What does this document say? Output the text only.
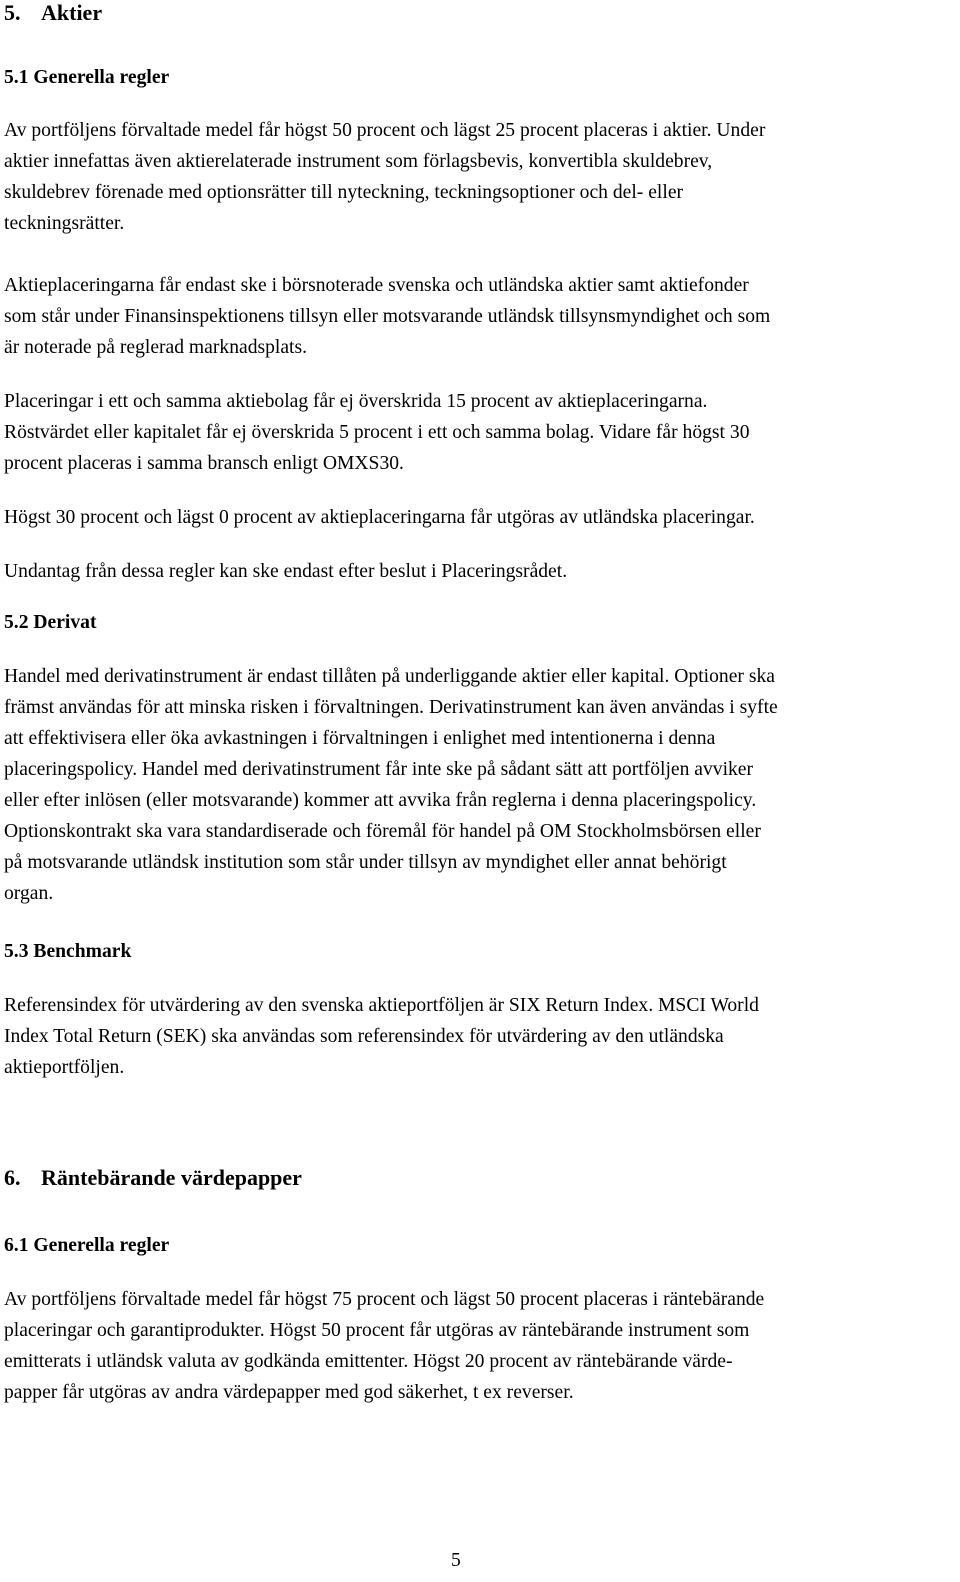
5. Aktier
5.1 Generella regler
Av portföljens förvaltade medel får högst 50 procent och lägst 25 procent placeras i aktier. Under
aktier innefattas även aktierelaterade instrument som förlagsbevis, konvertibla skuldebrev,
skuldebrev förenade med optionsrätter till nyteckning, teckningsoptioner och del- eller
teckningsrätter.
Aktieplaceringarna får endast ske i börsnoterade svenska och utländska aktier samt aktiefonder
som står under Finansinspektionens tillsyn eller motsvarande utländsk tillsynsmyndighet och som
är noterade på reglerad marknadsplats.
Placeringar i ett och samma aktiebolag får ej överskrida 15 procent av aktieplaceringarna.
Röstvärdet eller kapitalet får ej överskrida 5 procent i ett och samma bolag. Vidare får högst 30
procent placeras i samma bransch enligt OMXS30.
Högst 30 procent och lägst 0 procent av aktieplaceringarna får utgöras av utländska placeringar.
Undantag från dessa regler kan ske endast efter beslut i Placeringsrådet.
5.2 Derivat
Handel med derivatinstrument är endast tillåten på underliggande aktier eller kapital. Optioner ska
främst användas för att minska risken i förvaltningen. Derivatinstrument kan även användas i syfte
att effektivisera eller öka avkastningen i förvaltningen i enlighet med intentionerna i denna
placeringspolicy. Handel med derivatinstrument får inte ske på sådant sätt att portföljen avviker
eller efter inlösen (eller motsvarande) kommer att avvika från reglerna i denna placeringspolicy.
Optionskontrakt ska vara standardiserade och föremål för handel på OM Stockholmsbörsen eller
på motsvarande utländsk institution som står under tillsyn av myndighet eller annat behörigt
organ.
5.3 Benchmark
Referensindex för utvärdering av den svenska aktieportföljen är SIX Return Index. MSCI World
Index Total Return (SEK) ska användas som referensindex för utvärdering av den utländska
aktieportföljen.
6. Räntebärande värdepapper
6.1 Generella regler
Av portföljens förvaltade medel får högst 75 procent och lägst 50 procent placeras i räntebärande
placeringar och garantiprodukter. Högst 50 procent får utgöras av räntebärande instrument som
emitterats i utländsk valuta av godkända emittenter. Högst 20 procent av räntebärande värde-
papper får utgöras av andra värdepapper med god säkerhet, t ex reverser.
5
